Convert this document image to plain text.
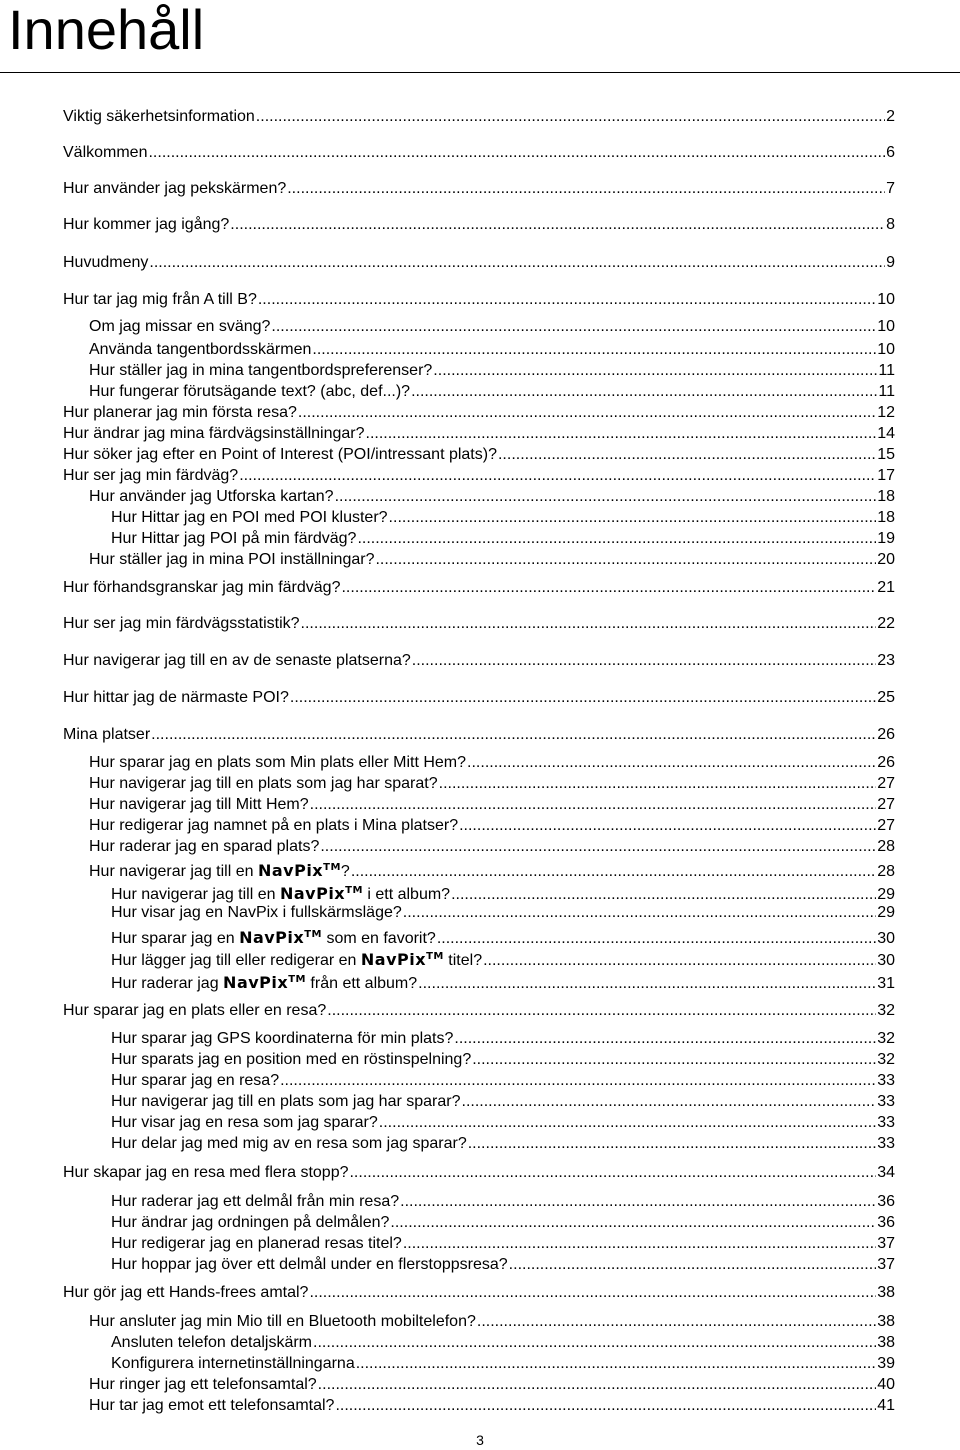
Innehåll
Viktig säkerhetsinformation .....	2
Välkommen .....	6
Hur använder jag pekskärmen? .....	7
Hur kommer jag igång? .....	8
Huvudmeny .....	9
Hur tar jag mig från A till B? .....	10
Om jag missar en sväng? .....	10
Använda tangentbordsskärmen .....	10
Hur ställer jag in mina tangentbordspreferenser? .....	11
Hur fungerar förutsägande text? (abc, def...)? .....	11
Hur planerar jag min första resa? .....	12
Hur ändrar jag mina färdvägsinställningar? .....	14
Hur söker jag efter en Point of Interest (POI/intressant plats)? .....	15
Hur ser jag min färdväg? .....	17
Hur använder jag Utforska kartan? .....	18
Hur Hittar jag en POI med POI kluster? .....	18
Hur Hittar jag POI på min färdväg? .....	19
Hur ställer jag in mina POI inställningar? .....	20
Hur förhandsgranskar jag min färdväg? .....	21
Hur ser jag min färdvägsstatistik? .....	22
Hur navigerar jag till en av de senaste platserna? .....	23
Hur hittar jag de närmaste POI? .....	25
Mina platser .....	26
Hur sparar jag en plats som Min plats eller Mitt Hem? .....	26
Hur navigerar jag till en plats som jag har sparat? .....	27
Hur navigerar jag till Mitt Hem? .....	27
Hur redigerar jag namnet på en plats i Mina platser? .....	27
Hur raderar jag en sparad plats? .....	28
Hur navigerar jag till en NavPix™? .....	28
Hur navigerar jag till en NavPix™ i ett album? .....	29
Hur visar jag en NavPix i fullskärmsläge? .....	29
Hur sparar jag en NavPix™ som en favorit? .....	30
Hur lägger jag till eller redigerar en NavPix™ titel? .....	30
Hur raderar jag NavPix™ från ett album? .....	31
Hur sparar jag en plats eller en resa? .....	32
Hur sparar jag GPS koordinaterna för min plats? .....	32
Hur sparats jag en position med en röstinspelning? .....	32
Hur sparar jag en resa? .....	33
Hur navigerar jag till en plats som jag har sparar? .....	33
Hur visar jag en resa som jag sparar? .....	33
Hur delar jag med mig av en resa som jag sparar? .....	33
Hur skapar jag en resa med flera stopp? .....	34
Hur raderar jag ett delmål från min resa? .....	36
Hur ändrar jag ordningen på delmålen? .....	36
Hur redigerar jag en planerad resas titel? .....	37
Hur hoppar jag över ett delmål under en flerstoppsresa? .....	37
Hur gör jag ett Hands-frees amtal? .....	38
Hur ansluter jag min Mio till en Bluetooth mobiltelefon? .....	38
Ansluten telefon detaljskärm .....	38
Konfigurera internetinställningarna .....	39
Hur ringer jag ett telefonsamtal? .....	40
Hur tar jag emot ett telefonsamtal? .....	41
3
